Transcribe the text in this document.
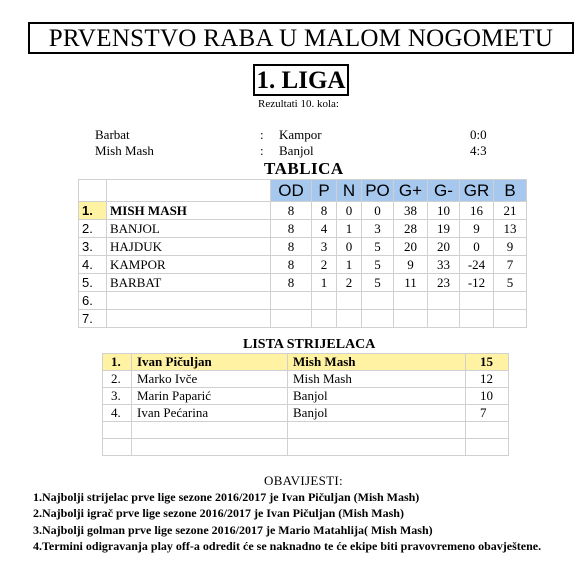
PRVENSTVO RABA U MALOM NOGOMETU
1. LIGA
Rezultati 10. kola:
Barbat	: Kampor	0:0
Mish Mash	: Banjol	4:3
TABLICA
		OD	P	N	PO	G+	G-	GR	B
1.	MISH MASH	8	8	0	0	38	10	16	21
2.	BANJOL	8	4	1	3	28	19	9	13
3.	HAJDUK	8	3	0	5	20	20	0	9
4.	KAMPOR	8	2	1	5	9	33	-24	7
5.	BARBAT	8	1	2	5	11	23	-12	5
6.									
7.									
LISTA STRIJELACA
1.	Ivan Pičuljan	Mish Mash	15
2.	Marko Ivče	Mish Mash	12
3.	Marin Paparić	Banjol	10
4.	Ivan Pećarina	Banjol	7

OBAVIJESTI:
1.Najbolji strijelac prve lige sezone 2016/2017 je Ivan Pičuljan (Mish Mash)
2.Najbolji igrač prve lige sezone 2016/2017 je Ivan Pičuljan (Mish Mash)
3.Najbolji golman prve lige sezone 2016/2017 je Mario Matahlija( Mish Mash)
4.Termini odigravanja play off-a odredit će se naknadno te će ekipe biti pravovremeno obavještene.
